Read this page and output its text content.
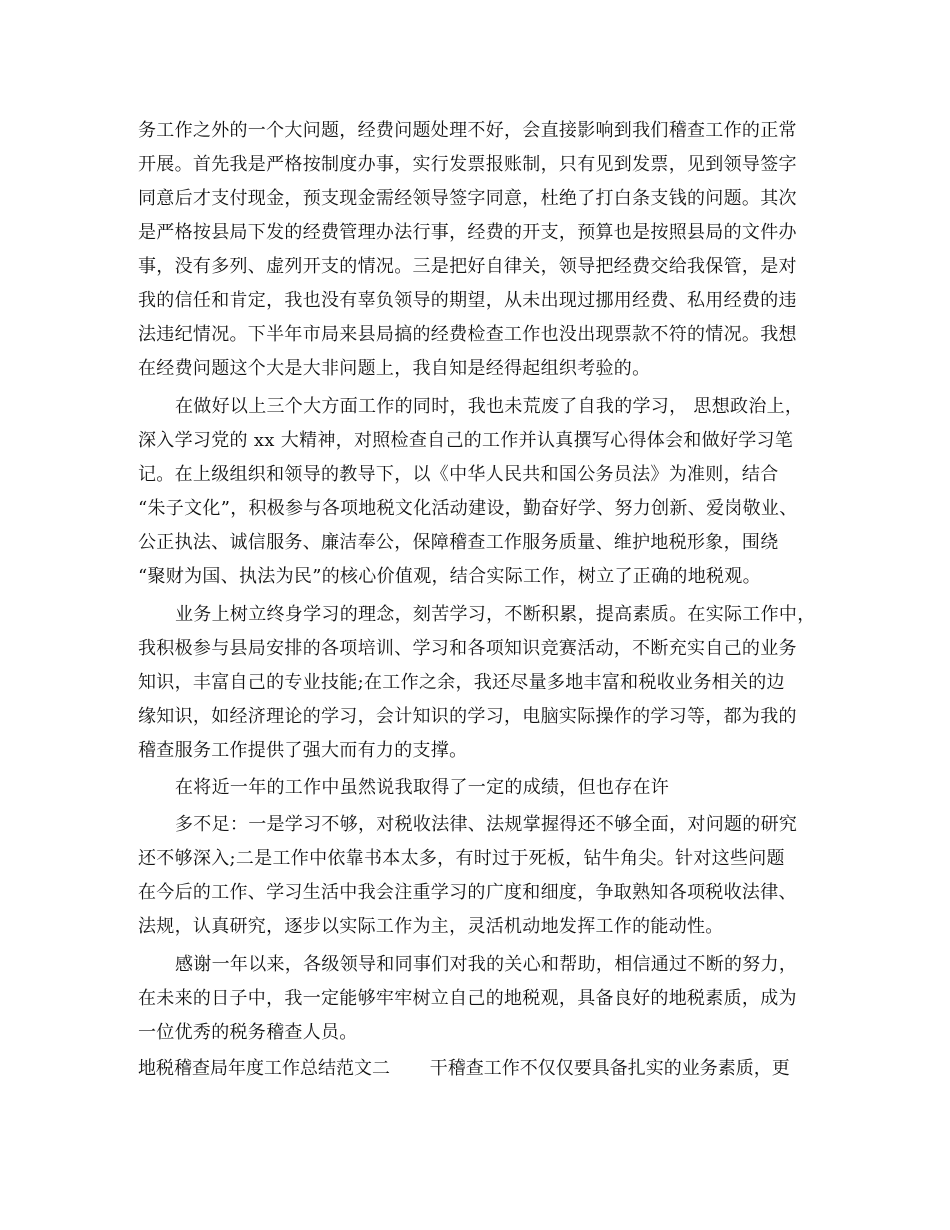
务工作之外的一个大问题，经费问题处理不好，会直接影响到我们稽查工作的正常
开展。首先我是严格按制度办事，实行发票报账制，只有见到发票，见到领导签字
同意后才支付现金，预支现金需经领导签字同意，杜绝了打白条支钱的问题。其次
是严格按县局下发的经费管理办法行事，经费的开支，预算也是按照县局的文件办
事，没有多列、虚列开支的情况。三是把好自律关，领导把经费交给我保管，是对
我的信任和肯定，我也没有辜负领导的期望，从未出现过挪用经费、私用经费的违
法违纪情况。下半年市局来县局搞的经费检查工作也没出现票款不符的情况。我想
在经费问题这个大是大非问题上，我自知是经得起组织考验的。
在做好以上三个大方面工作的同时，我也未荒废了自我的学习， 思想政治上，
深入学习党的 xx 大精神，对照检查自己的工作并认真撰写心得体会和做好学习笔
记。在上级组织和领导的教导下，以《中华人民共和国公务员法》为准则，结合
“朱子文化”，积极参与各项地税文化活动建设，勤奋好学、努力创新、爱岗敬业、
公正执法、诚信服务、廉洁奉公，保障稽查工作服务质量、维护地税形象，围绕
“聚财为国、执法为民”的核心价值观，结合实际工作，树立了正确的地税观。
业务上树立终身学习的理念，刻苦学习，不断积累，提高素质。在实际工作中，
我积极参与县局安排的各项培训、学习和各项知识竞赛活动，不断充实自己的业务
知识，丰富自己的专业技能;在工作之余，我还尽量多地丰富和税收业务相关的边
缘知识，如经济理论的学习，会计知识的学习，电脑实际操作的学习等，都为我的
稽查服务工作提供了强大而有力的支撑。
在将近一年的工作中虽然说我取得了一定的成绩，但也存在许
多不足：一是学习不够，对税收法律、法规掌握得还不够全面，对问题的研究
还不够深入;二是工作中依靠书本太多，有时过于死板，钻牛角尖。针对这些问题
在今后的工作、学习生活中我会注重学习的广度和细度，争取熟知各项税收法律、
法规，认真研究，逐步以实际工作为主，灵活机动地发挥工作的能动性。
感谢一年以来，各级领导和同事们对我的关心和帮助，相信通过不断的努力，
在未来的日子中，我一定能够牢牢树立自己的地税观，具备良好的地税素质，成为
一位优秀的税务稽查人员。
地税稽查局年度工作总结范文二 干稽查工作不仅仅要具备扎实的业务素质，更
